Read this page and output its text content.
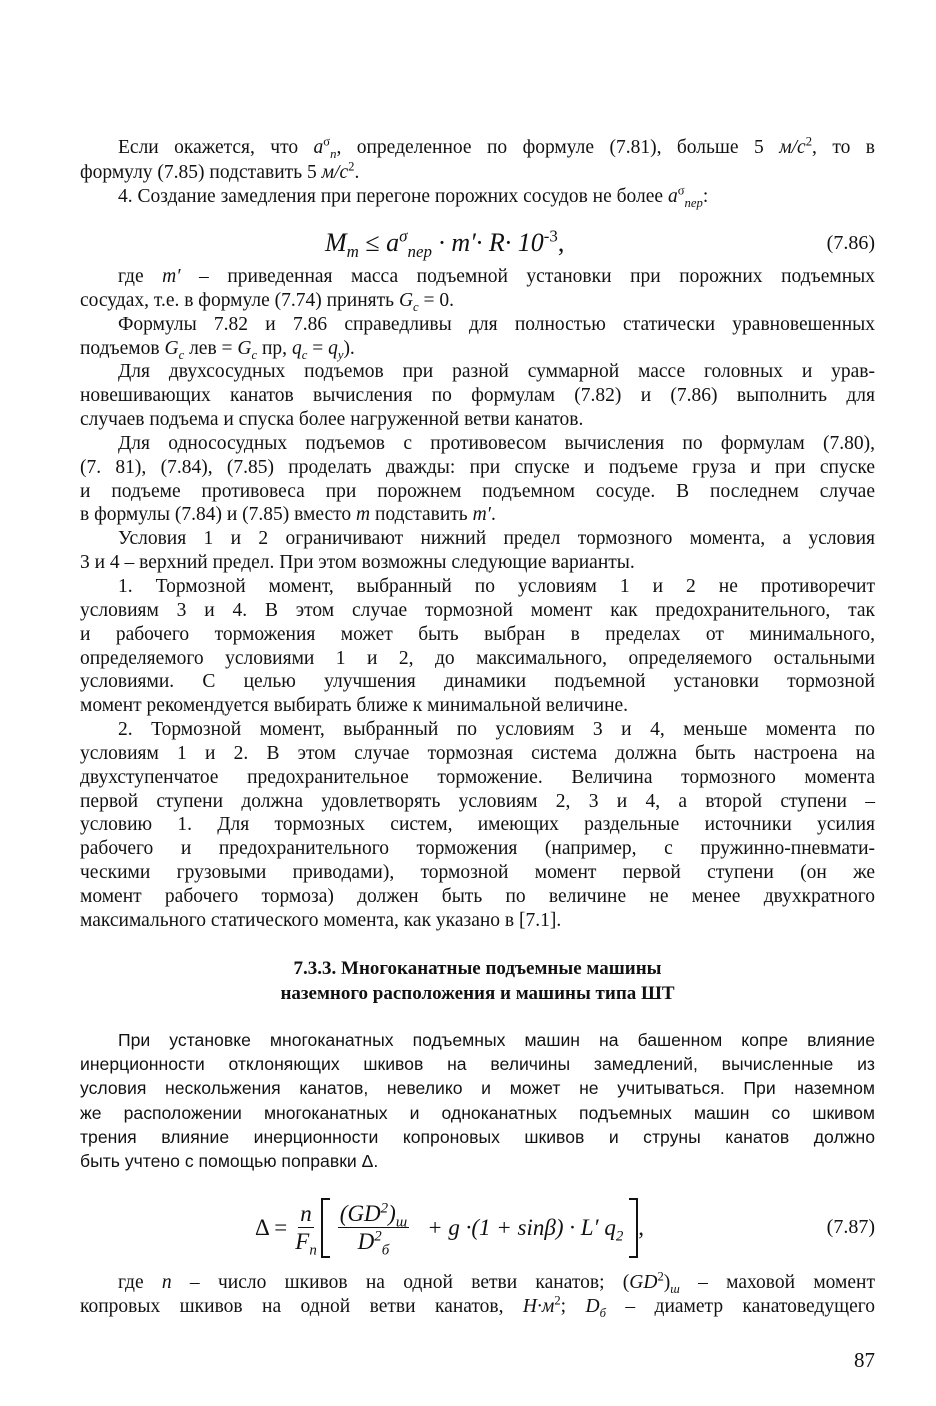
Если окажется, что $a^\sigma_п$, определенное по формуле (7.81), больше 5 $м/с^2$, то в
формулу (7.85) подставить 5 $м/с^2$.
4. Создание замедления при перегоне порожних сосудов не более $a^\sigma_{пер}$:
$M_т \le a^\sigma_{пер} \cdot m'\cdot R\cdot 10^{-3}$,	(7.86)
где m′ – приведенная масса подъемной установки при порожних подъемных
сосудах, т.е. в формуле (7.74) принять $G_с = 0$.
Формулы 7.82 и 7.86 справедливы для полностью статически уравновешенных
подъемов $G_с$ лев = $G_с$ пр, $q_с = q_у$).
Для двухсосудных подъемов при разной суммарной массе головных и урав-
новешивающих канатов вычисления по формулам (7.82) и (7.86) выполнить для
случаев подъема и спуска более нагруженной ветви канатов.
Для однососудных подъемов с противовесом вычисления по формулам (7.80),
(7. 81), (7.84), (7.85) проделать дважды: при спуске и подъеме груза и при спуске
и подъеме противовеса при порожнем подъемном сосуде. В последнем случае
в формулы (7.84) и (7.85) вместо m подставить m′.
Условия 1 и 2 ограничивают нижний предел тормозного момента, а условия
3 и 4 – верхний предел. При этом возможны следующие варианты.
1. Тормозной момент, выбранный по условиям 1 и 2 не противоречит
условиям 3 и 4. В этом случае тормозной момент как предохранительного, так
и рабочего торможения может быть выбран в пределах от минимального,
определяемого условиями 1 и 2, до максимального, определяемого остальными
условиями. С целью улучшения динамики подъемной установки тормозной
момент рекомендуется выбирать ближе к минимальной величине.
2. Тормозной момент, выбранный по условиям 3 и 4, меньше момента по
условиям 1 и 2. В этом случае тормозная система должна быть настроена на
двухступенчатое предохранительное торможение. Величина тормозного момента
первой ступени должна удовлетворять условиям 2, 3 и 4, а второй ступени –
условию 1. Для тормозных систем, имеющих раздельные источники усилия
рабочего и предохранительного торможения (например, с пружинно-пневмати-
ческими грузовыми приводами), тормозной момент первой ступени (он же
момент рабочего тормоза) должен быть по величине не менее двухкратного
максимального статического момента, как указано в [7.1].
7.3.3. Многоканатные подъемные машины
наземного расположения и машины типа ШТ
При установке многоканатных подъемных машин на башенном копре влияние
инерционности отклоняющих шкивов на величины замедлений, вычисленные из
условия нескольжения канатов, невелико и может не учитываться. При наземном
же расположении многоканатных и одноканатных подъемных машин со шкивом
трения влияние инерционности копроновых шкивов и струны канатов должно
быть учтено с помощью поправки Δ.
$\Delta = \frac{n}{F_п} \frac{(GD^2)_ш}{D^2_б} + g \cdot(1 + \sin\beta) \cdot L'$ $q_2$ ,	(7.87)
где n – число шкивов на одной ветви канатов; $(GD^2)_ш$ – маховой момент
копровых шкивов на одной ветви канатов, $Н\cdot м^2$; $D_б$ – диаметр канатоведущего
87
